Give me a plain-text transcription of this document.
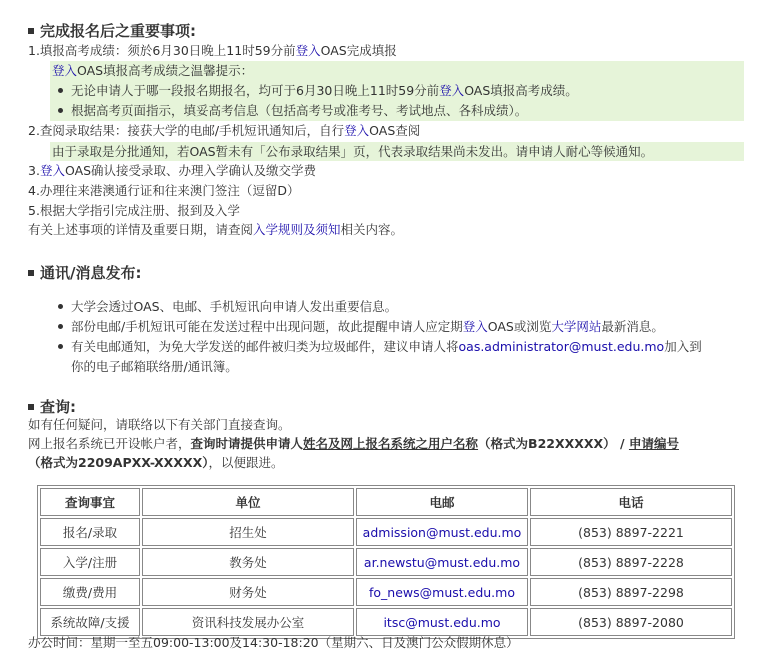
完成报名后之重要事项:
1.填报高考成绩：须於6月30日晚上11时59分前登入OAS完成填报
登入OAS填报高考成绩之温馨提示：
无论申请人于哪一段报名期报名，均可于6月30日晚上11时59分前登入OAS填报高考成绩。
根据高考页面指示，填妥高考信息（包括高考号或准考号、考试地点、各科成绩）。
2.查阅录取结果：接获大学的电邮/手机短讯通知后，自行登入OAS查阅
由于录取是分批通知，若OAS暂未有「公布录取结果」页，代表录取结果尚未发出。请申请人耐心等候通知。
3.登入OAS确认接受录取、办理入学确认及缴交学费
4.办理往来港澳通行证和往来澳门签注（逗留D）
5.根据大学指引完成注册、报到及入学
有关上述事项的详情及重要日期，请查阅入学规则及须知相关内容。
通讯/消息发布:
大学会透过OAS、电邮、手机短讯向申请人发出重要信息。
部份电邮/手机短讯可能在发送过程中出现问题，故此提醒申请人应定期登入OAS或浏览大学网站最新消息。
有关电邮通知，为免大学发送的邮件被归类为垃圾邮件，建议申请人将oas.administrator@must.edu.mo加入到
你的电子邮箱联络册/通讯簿。
查询:
如有任何疑问，请联络以下有关部门直接查询。
网上报名系统已开设帐户者，查询时请提供申请人姓名及网上报名系统之用户名称（格式为B22XXXXX） / 申请编号
（格式为2209APXX-XXXXX），以便跟进。
查询事宜	单位	电邮	电话
报名/录取	招生处	admission@must.edu.mo	(853) 8897-2221
入学/注册	教务处	ar.newstu@must.edu.mo	(853) 8897-2228
缴费/费用	财务处	fo_news@must.edu.mo	(853) 8897-2298
系统故障/支援	资讯科技发展办公室	itsc@must.edu.mo	(853) 8897-2080
办公时间：星期一至五09:00-13:00及14:30-18:20（星期六、日及澳门公众假期休息）
